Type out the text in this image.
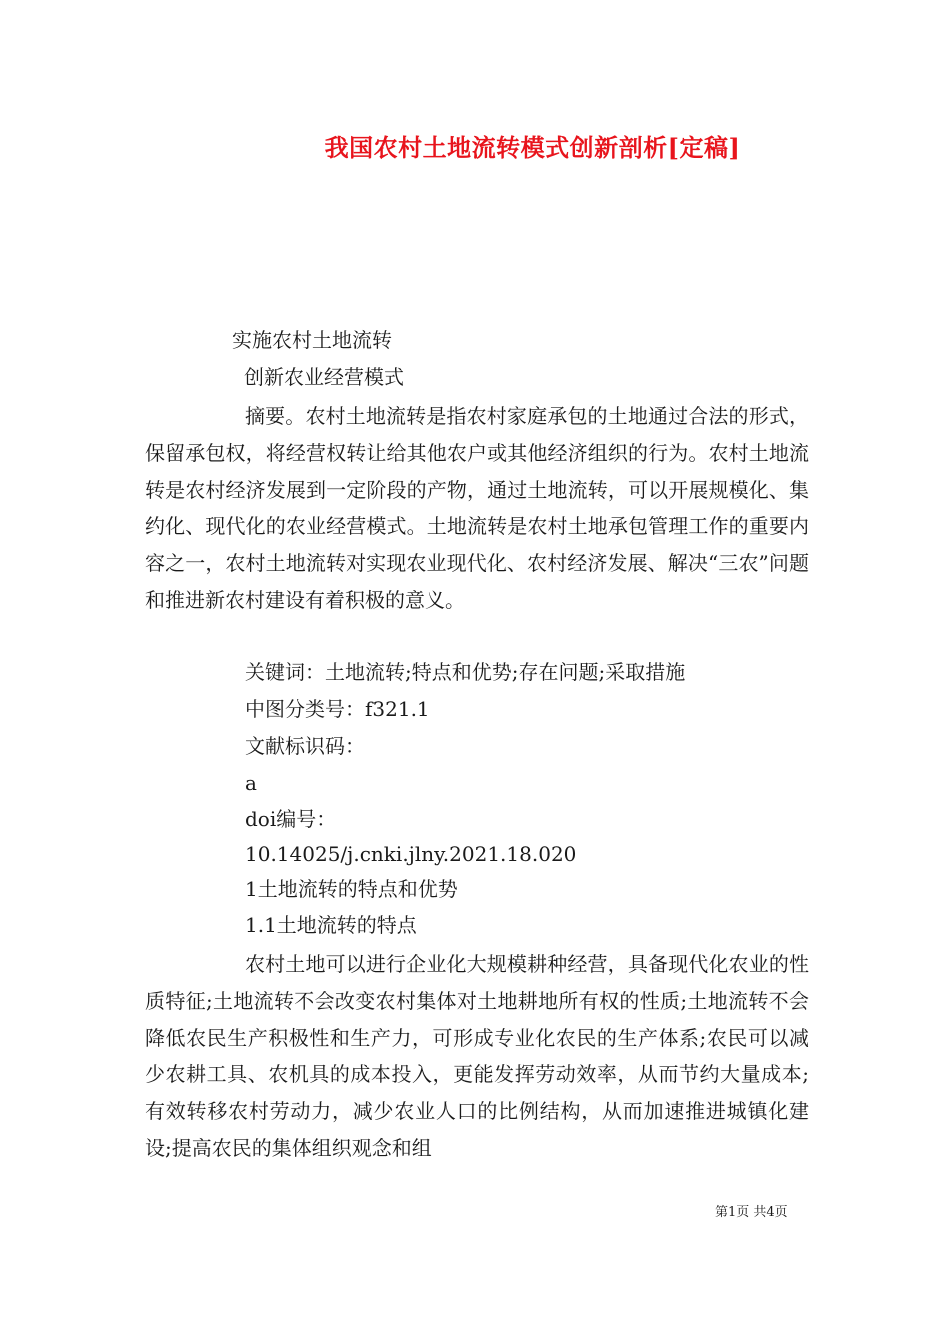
我国农村土地流转模式创新剖析[定稿]
实施农村土地流转
创新农业经营模式

摘要。农村土地流转是指农村家庭承包的土地通过合法的形式，保留承包权，将经营权转让给其他农户或其他经济组织的行为。农村土地流转是农村经济发展到一定阶段的产物，通过土地流转，可以开展规模化、集约化、现代化的农业经营模式。土地流转是农村土地承包管理工作的重要内容之一，农村土地流转对实现农业现代化、农村经济发展、解决“三农”问题和推进新农村建设有着积极的意义。

关键词：土地流转;特点和优势;存在问题;采取措施
中图分类号：f321.1
文献标识码：
a
doi编号：
10.14025/j.cnki.jlny.2021.18.020
1土地流转的特点和优势
1.1土地流转的特点

农村土地可以进行企业化大规模耕种经营，具备现代化农业的性质特征;土地流转不会改变农村集体对土地耕地所有权的性质;土地流转不会降低农民生产积极性和生产力，可形成专业化农民的生产体系;农民可以减少农耕工具、农机具的成本投入，更能发挥劳动效率，从而节约大量成本;有效转移农村劳动力，减少农业人口的比例结构，从而加速推进城镇化建设;提高农民的集体组织观念和组

第1页 共4页
